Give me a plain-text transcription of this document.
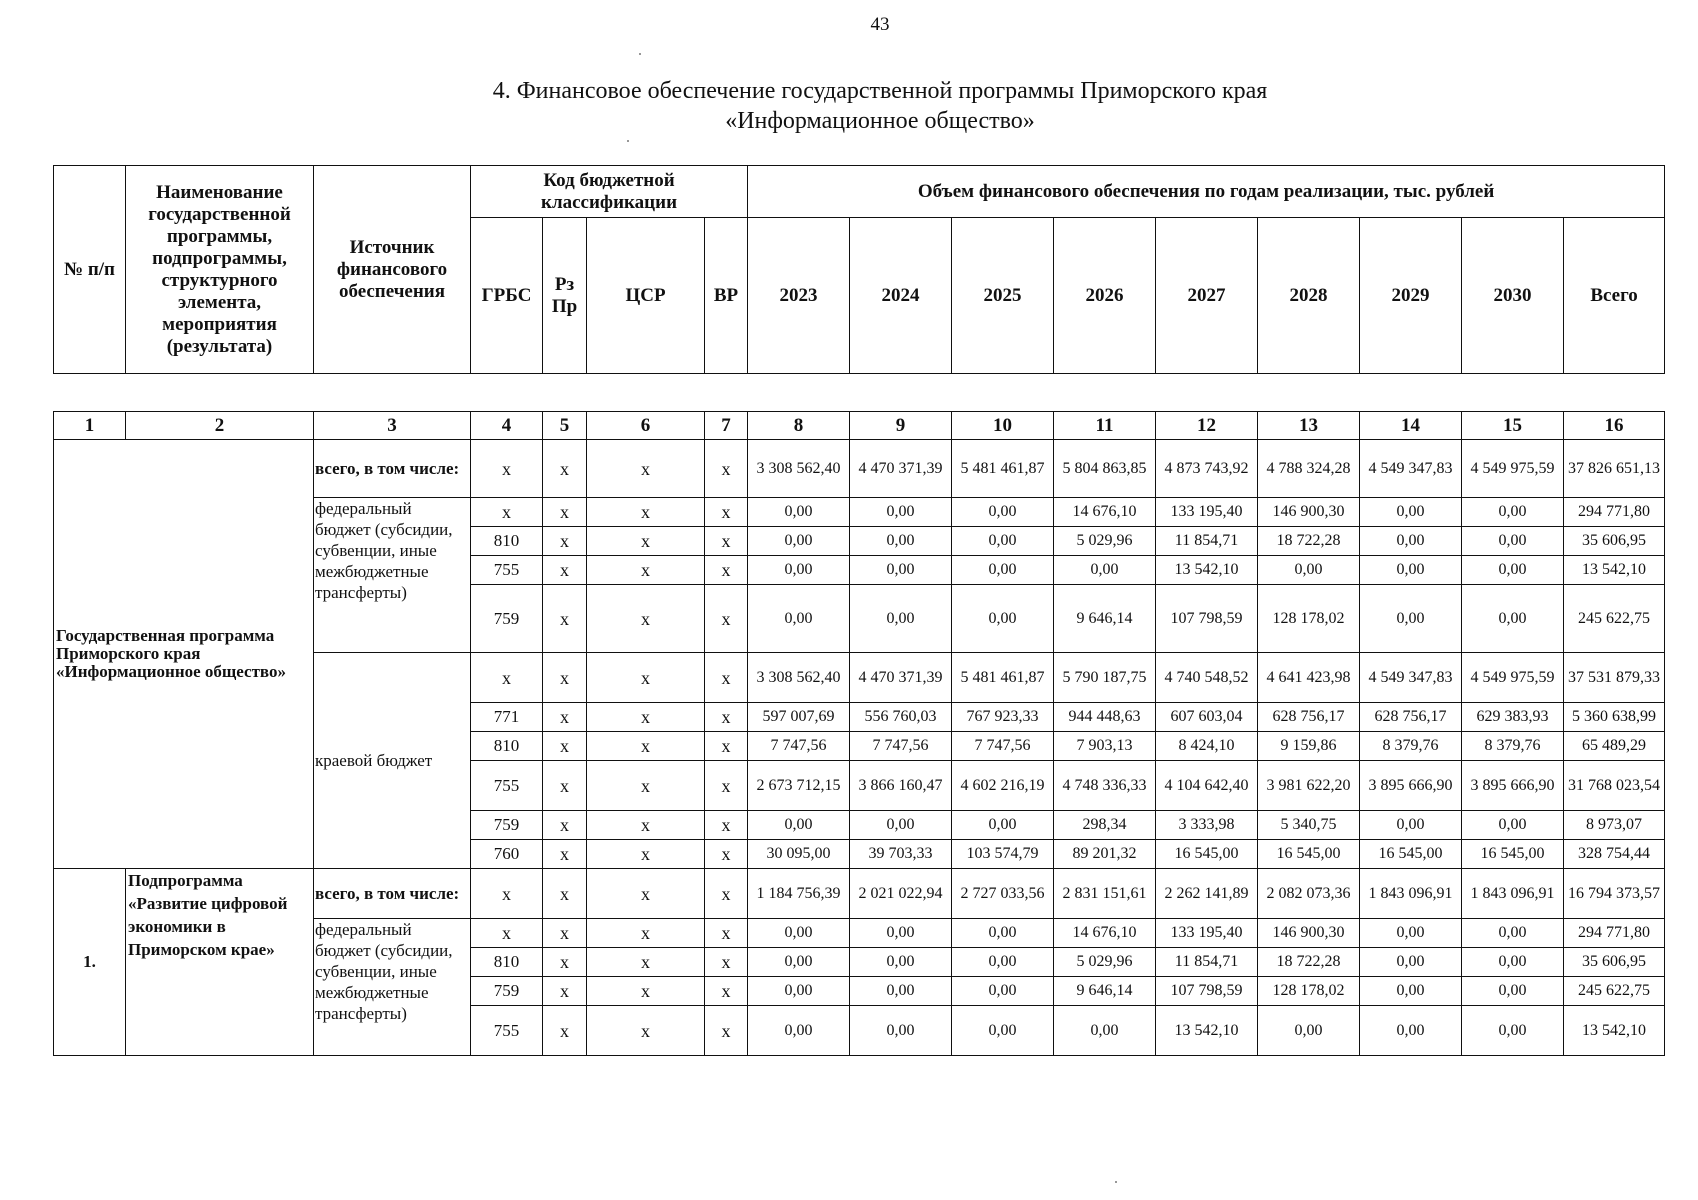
43
4. Финансовое обеспечение государственной программы Приморского края
«Информационное общество»
№ п/п	Наименование государственной программы, подпрограммы, структурного элемента, мероприятия (результата)	Источник финансового обеспечения	Код бюджетной классификации				Объем финансового обеспечения по годам реализации, тыс. рублей								
			ГРБС	Рз Пр	ЦСР	ВР	2023	2024	2025	2026	2027	2028	2029	2030	Всего
1	2	3	4	5	6	7	8	9	10	11	12	13	14	15	16
Государственная программа Приморского края «Информационное общество»		всего, в том числе:	x	x	x	x	3 308 562,40	4 470 371,39	5 481 461,87	5 804 863,85	4 873 743,92	4 788 324,28	4 549 347,83	4 549 975,59	37 826 651,13
		федеральный бюджет (субсидии, субвенции, иные межбюджетные трансферты)	x	x	x	x	0,00	0,00	0,00	14 676,10	133 195,40	146 900,30	0,00	0,00	294 771,80
			810	x	x	x	0,00	0,00	0,00	5 029,96	11 854,71	18 722,28	0,00	0,00	35 606,95
			755	x	x	x	0,00	0,00	0,00	0,00	13 542,10	0,00	0,00	0,00	13 542,10
			759	x	x	x	0,00	0,00	0,00	9 646,14	107 798,59	128 178,02	0,00	0,00	245 622,75
		краевой бюджет	x	x	x	x	3 308 562,40	4 470 371,39	5 481 461,87	5 790 187,75	4 740 548,52	4 641 423,98	4 549 347,83	4 549 975,59	37 531 879,33
			771	x	x	x	597 007,69	556 760,03	767 923,33	944 448,63	607 603,04	628 756,17	628 756,17	629 383,93	5 360 638,99
			810	x	x	x	7 747,56	7 747,56	7 747,56	7 903,13	8 424,10	9 159,86	8 379,76	8 379,76	65 489,29
			755	x	x	x	2 673 712,15	3 866 160,47	4 602 216,19	4 748 336,33	4 104 642,40	3 981 622,20	3 895 666,90	3 895 666,90	31 768 023,54
			759	x	x	x	0,00	0,00	0,00	298,34	3 333,98	5 340,75	0,00	0,00	8 973,07
			760	x	x	x	30 095,00	39 703,33	103 574,79	89 201,32	16 545,00	16 545,00	16 545,00	16 545,00	328 754,44
1.	Подпрограмма «Развитие цифровой экономики в Приморском крае»	всего, в том числе:	x	x	x	x	1 184 756,39	2 021 022,94	2 727 033,56	2 831 151,61	2 262 141,89	2 082 073,36	1 843 096,91	1 843 096,91	16 794 373,57
		федеральный бюджет (субсидии, субвенции, иные межбюджетные трансферты)	x	x	x	x	0,00	0,00	0,00	14 676,10	133 195,40	146 900,30	0,00	0,00	294 771,80
			810	x	x	x	0,00	0,00	0,00	5 029,96	11 854,71	18 722,28	0,00	0,00	35 606,95
			759	x	x	x	0,00	0,00	0,00	9 646,14	107 798,59	128 178,02	0,00	0,00	245 622,75
			755	x	x	x	0,00	0,00	0,00	0,00	13 542,10	0,00	0,00	0,00	13 542,10
